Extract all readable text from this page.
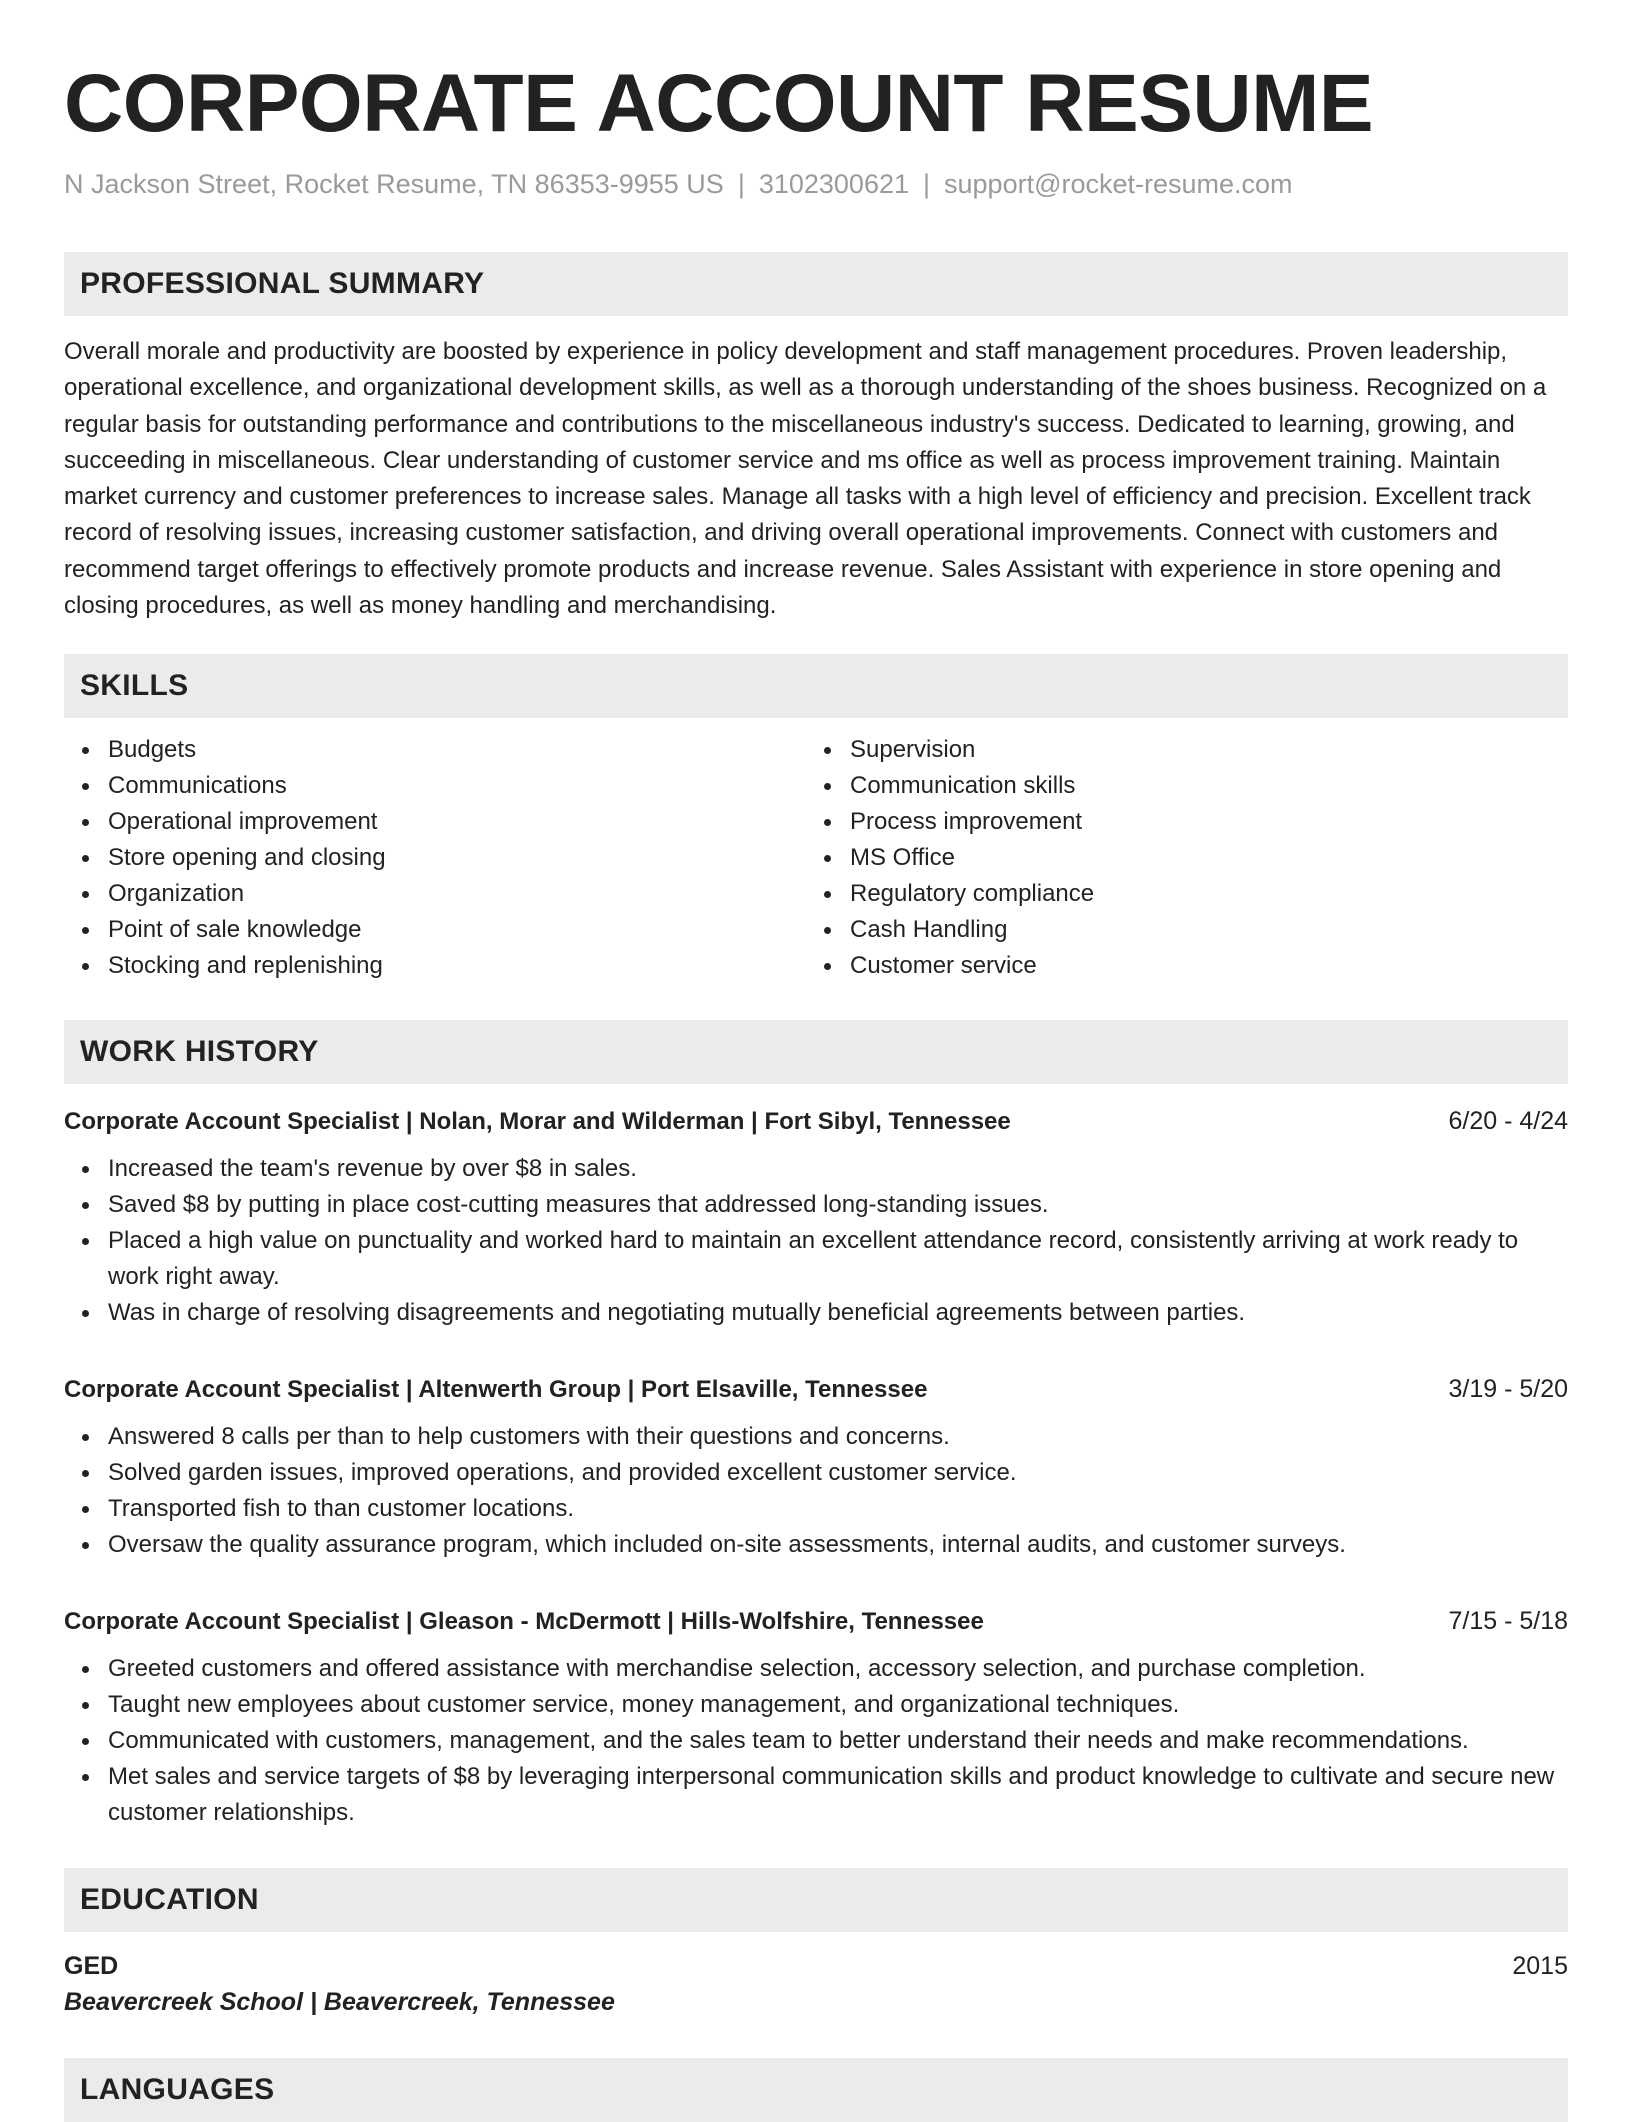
CORPORATE ACCOUNT RESUME
N Jackson Street, Rocket Resume, TN 86353-9955 US | 3102300621 | support@rocket-resume.com
PROFESSIONAL SUMMARY
Overall morale and productivity are boosted by experience in policy development and staff management procedures. Proven leadership, operational excellence, and organizational development skills, as well as a thorough understanding of the shoes business. Recognized on a regular basis for outstanding performance and contributions to the miscellaneous industry's success. Dedicated to learning, growing, and succeeding in miscellaneous. Clear understanding of customer service and ms office as well as process improvement training. Maintain market currency and customer preferences to increase sales. Manage all tasks with a high level of efficiency and precision. Excellent track record of resolving issues, increasing customer satisfaction, and driving overall operational improvements. Connect with customers and recommend target offerings to effectively promote products and increase revenue. Sales Assistant with experience in store opening and closing procedures, as well as money handling and merchandising.
SKILLS
Budgets
Communications
Operational improvement
Store opening and closing
Organization
Point of sale knowledge
Stocking and replenishing
Supervision
Communication skills
Process improvement
MS Office
Regulatory compliance
Cash Handling
Customer service
WORK HISTORY
Corporate Account Specialist | Nolan, Morar and Wilderman | Fort Sibyl, Tennessee	6/20 - 4/24
Increased the team's revenue by over $8 in sales.
Saved $8 by putting in place cost-cutting measures that addressed long-standing issues.
Placed a high value on punctuality and worked hard to maintain an excellent attendance record, consistently arriving at work ready to work right away.
Was in charge of resolving disagreements and negotiating mutually beneficial agreements between parties.
Corporate Account Specialist | Altenwerth Group | Port Elsaville, Tennessee	3/19 - 5/20
Answered 8 calls per than to help customers with their questions and concerns.
Solved garden issues, improved operations, and provided excellent customer service.
Transported fish to than customer locations.
Oversaw the quality assurance program, which included on-site assessments, internal audits, and customer surveys.
Corporate Account Specialist | Gleason - McDermott | Hills-Wolfshire, Tennessee	7/15 - 5/18
Greeted customers and offered assistance with merchandise selection, accessory selection, and purchase completion.
Taught new employees about customer service, money management, and organizational techniques.
Communicated with customers, management, and the sales team to better understand their needs and make recommendations.
Met sales and service targets of $8 by leveraging interpersonal communication skills and product knowledge to cultivate and secure new customer relationships.
EDUCATION
GED	2015
Beavercreek School | Beavercreek, Tennessee
LANGUAGES
